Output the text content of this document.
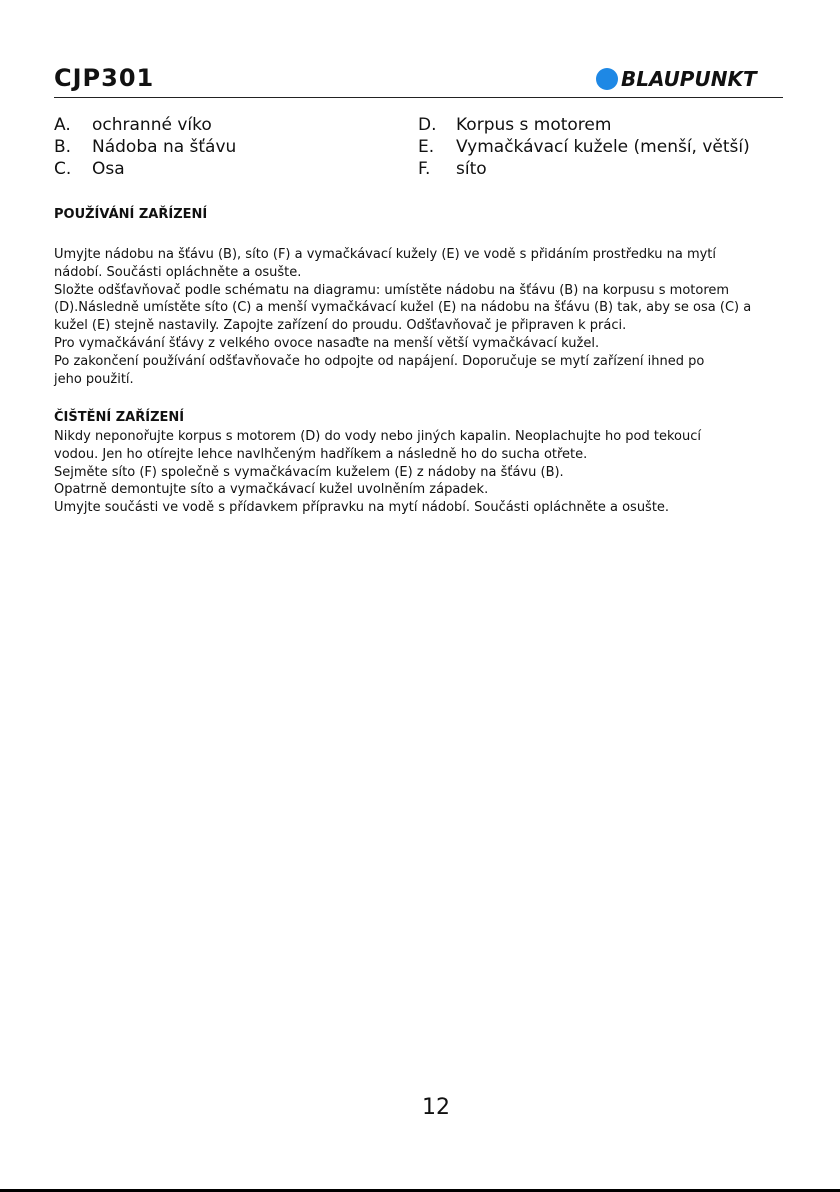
CJP301	BLAUPUNKT
A.	ochranné víko
B.	Nádoba na šťávu
C.	Osa
D.	Korpus s motorem
E.	Vymačkávací kužele (menší, větší)
F.	síto
POUŽÍVÁNÍ ZAŘÍZENÍ
Umyjte nádobu na šťávu (B), síto (F) a vymačkávací kužely (E) ve vodě s přidáním prostředku na mytí
nádobí. Součásti opláchněte a osušte.
Složte odšťavňovač podle schématu na diagramu: umístěte nádobu na šťávu (B) na korpusu s motorem
(D).Následně umístěte síto (C) a menší vymačkávací kužel (E) na nádobu na šťávu (B) tak, aby se osa (C) a
kužel (E) stejně nastavily. Zapojte zařízení do proudu. Odšťavňovač je připraven k práci.
Pro vymačkávání šťávy z velkého ovoce nasaďte na menší větší vymačkávací kužel.
Po zakončení používání odšťavňovače ho odpojte od napájení. Doporučuje se mytí zařízení ihned po
jeho použití.
ČIŠTĚNÍ ZAŘÍZENÍ
Nikdy neponořujte korpus s motorem (D) do vody nebo jiných kapalin. Neoplachujte ho pod tekoucí
vodou. Jen ho otírejte lehce navlhčeným hadříkem a následně ho do sucha otřete.
Sejměte síto (F) společně s vymačkávacím kuželem (E) z nádoby na šťávu (B).
Opatrně demontujte síto a vymačkávací kužel uvolněním západek.
Umyjte součásti ve vodě s přídavkem přípravku na mytí nádobí. Součásti opláchněte a osušte.
12
